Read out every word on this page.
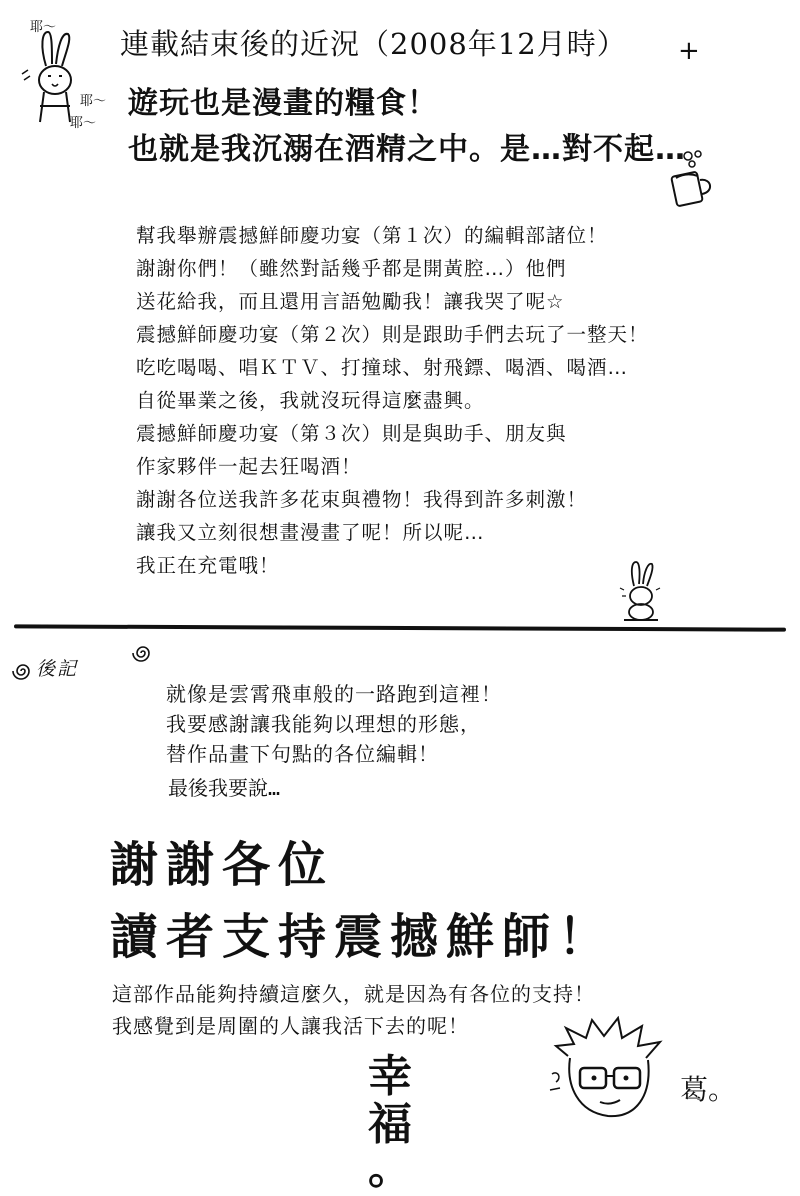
耶～
耶～
耶～
連載結束後的近況（2008年12月時） +
遊玩也是漫畫的糧食！
也就是我沉溺在酒精之中。是…對不起…
幫我舉辦震撼鮮師慶功宴（第１次）的編輯部諸位！
謝謝你們！（雖然對話幾乎都是開黃腔…）他們
送花給我，而且還用言語勉勵我！讓我哭了呢☆
震撼鮮師慶功宴（第２次）則是跟助手們去玩了一整天！
吃吃喝喝、唱ＫＴＶ、打撞球、射飛鏢、喝酒、喝酒…
自從畢業之後，我就沒玩得這麼盡興。
震撼鮮師慶功宴（第３次）則是與助手、朋友與
作家夥伴一起去狂喝酒！
謝謝各位送我許多花束與禮物！我得到許多刺激！
讓我又立刻很想畫漫畫了呢！所以呢…
我正在充電哦！
後記
就像是雲霄飛車般的一路跑到這裡！
我要感謝讓我能夠以理想的形態，
替作品畫下句點的各位編輯！
最後我要說…
謝謝各位
讀者支持震撼鮮師！
這部作品能夠持續這麼久，就是因為有各位的支持！
我感覺到是周圍的人讓我活下去的呢！
幸
福
。
葛。
